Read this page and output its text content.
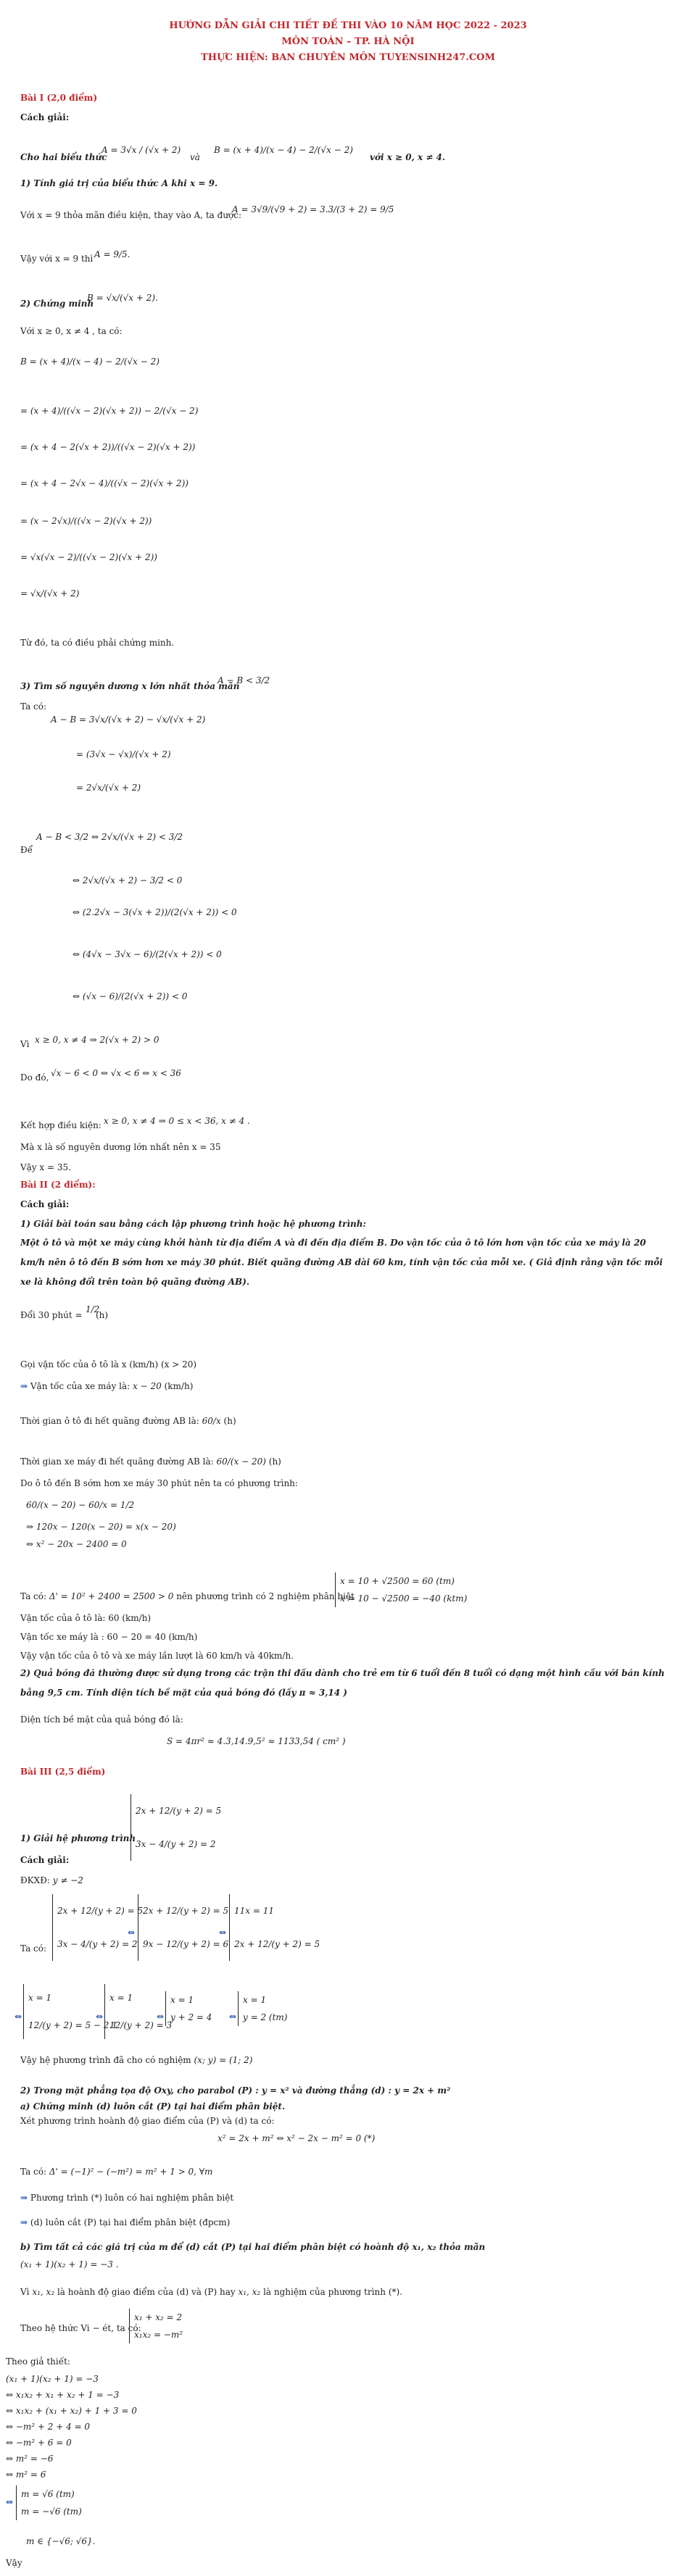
HƯỚNG DẪN GIẢI CHI TIẾT ĐỀ THI VÀO 10 NĂM HỌC 2022 - 2023
MÔN TOÁN – TP. HÀ NỘI
THỰC HIỆN: BAN CHUYÊN MÔN TUYENSINH247.COM
Bài I (2,0 điểm)
Cách giải:
Cho hai biểu thức
A = 3√x / (√x + 2)
và
B = (x + 4)/(x − 4) − 2/(√x − 2)
với x ≥ 0, x ≠ 4.
1) Tính giá trị của biểu thức A khi x = 9.
Với x = 9 thỏa mãn điều kiện, thay vào A, ta được:
A = 3√9/(√9 + 2) = 3.3/(3 + 2) = 9/5
Vậy với x = 9 thì A = 9/5.
2) Chứng minh
B = √x/(√x + 2).
Với x ≥ 0, x ≠ 4 , ta có:
B = (x + 4)/(x − 4) − 2/(√x − 2)
= (x + 4)/((√x − 2)(√x + 2)) − 2/(√x − 2)
= (x + 4 − 2(√x + 2))/((√x − 2)(√x + 2))
= (x + 4 − 2√x − 4)/((√x − 2)(√x + 2))
= (x − 2√x)/((√x − 2)(√x + 2))
= √x(√x − 2)/((√x − 2)(√x + 2))
= √x/(√x + 2)
Từ đó, ta có điều phải chứng minh.
3) Tìm số nguyên dương x lớn nhất thỏa mãn
A − B < 3/2
Ta có:
A − B = 3√x/(√x + 2) − √x/(√x + 2)
= (3√x − √x)/(√x + 2)
= 2√x/(√x + 2)
Để
A − B < 3/2 ⇔ 2√x/(√x + 2) < 3/2
⇔ 2√x/(√x + 2) − 3/2 < 0
⇔ (2.2√x − 3(√x + 2))/(2(√x + 2)) < 0
⇔ (4√x − 3√x − 6)/(2(√x + 2)) < 0
⇔ (√x − 6)/(2(√x + 2)) < 0
Vì x ≥ 0, x ≠ 4 ⇒ 2(√x + 2) > 0
Do đó, √x − 6 < 0 ⇔ √x < 6 ⇔ x < 36
Kết hợp điều kiện: x ≥ 0, x ≠ 4 ⇒ 0 ≤ x < 36, x ≠ 4 .
Mà x là số nguyên dương lớn nhất nên x = 35
Vậy x = 35.
Bài II (2 điểm):
Cách giải:
1) Giải bài toán sau bằng cách lập phương trình hoặc hệ phương trình:
Một ô tô và một xe máy cùng khởi hành từ địa điểm A và đi đến địa điểm B. Do vận tốc của ô tô lớn hơn vận tốc của xe máy là 20 km/h nên ô tô đến B sớm hơn xe máy 30 phút. Biết quãng đường AB dài 60 km, tính vận tốc của mỗi xe. ( Giả định rằng vận tốc mỗi xe là không đổi trên toàn bộ quãng đường AB).
Đổi 30 phút =
1/2
(h)
Gọi vận tốc của ô tô là x (km/h) (x > 20)
⇒ Vận tốc của xe máy là: x − 20 (km/h)
Thời gian ô tô đi hết quãng đường AB là: 60/x (h)
Thời gian xe máy đi hết quãng đường AB là: 60/(x − 20) (h)
Do ô tô đến B sớm hơn xe máy 30 phút nên ta có phương trình:
60/(x − 20) − 60/x = 1/2
⇒ 120x − 120(x − 20) = x(x − 20)
⇔ x² − 20x − 2400 = 0
Ta có: Δ' = 10² + 2400 = 2500 > 0 nên phương trình có 2 nghiệm phân biệt
x = 10 + √2500 = 60 (tm)
x = 10 − √2500 = −40 (ktm)
Vận tốc của ô tô là: 60 (km/h)
Vận tốc xe máy là : 60 − 20 = 40 (km/h)
Vậy vận tốc của ô tô và xe máy lần lượt là 60 km/h và 40km/h.
2) Quả bóng đá thường được sử dụng trong các trận thi đấu dành cho trẻ em từ 6 tuổi đến 8 tuổi có dạng một hình cầu với bán kính bằng 9,5 cm. Tính diện tích bề mặt của quả bóng đó (lấy π ≈ 3,14 )
Diện tích bề mặt của quả bóng đó là:
S = 4πr² ≈ 4.3,14.9,5² ≈ 1133,54 ( cm² )
Bài III (2,5 điểm)
1) Giải hệ phương trình
2x + 12/(y + 2) = 5
3x − 4/(y + 2) = 2
Cách giải:
ĐKXĐ: y ≠ −2
Ta có:
2x + 12/(y + 2) = 5
3x − 4/(y + 2) = 2
⇔
2x + 12/(y + 2) = 5
9x − 12/(y + 2) = 6
⇔
11x = 11
2x + 12/(y + 2) = 5
⇔
x = 1
12/(y + 2) = 5 − 2.1
⇔
x = 1
12/(y + 2) = 3
⇔
x = 1
y + 2 = 4 ⇔
x = 1
y = 2 (tm)
Vậy hệ phương trình đã cho có nghiệm (x; y) = (1; 2)
2) Trong mặt phẳng tọa độ Oxy, cho parabol (P) : y = x² và đường thẳng (d) : y = 2x + m²
a) Chứng minh (d) luôn cắt (P) tại hai điểm phân biệt.
Xét phương trình hoành độ giao điểm của (P) và (d) ta có:
x² = 2x + m² ⇔ x² − 2x − m² = 0 (*)
Ta có: Δ' = (−1)² − (−m²) = m² + 1 > 0, ∀m
⇒ Phương trình (*) luôn có hai nghiệm phân biệt
⇒ (d) luôn cắt (P) tại hai điểm phân biệt (đpcm)
b) Tìm tất cả các giá trị của m để (d) cắt (P) tại hai điểm phân biệt có hoành độ x₁, x₂ thỏa mãn
(x₁ + 1)(x₂ + 1) = −3 .
Vì x₁, x₂ là hoành độ giao điểm của (d) và (P) hay x₁, x₂ là nghiệm của phương trình (*).
Theo hệ thức Vi − ét, ta có:
x₁ + x₂ = 2
x₁x₂ = −m²
Theo giả thiết:
(x₁ + 1)(x₂ + 1) = −3
⇔ x₁x₂ + x₁ + x₂ + 1 = −3
⇔ x₁x₂ + (x₁ + x₂) + 1 + 3 = 0
⇔ −m² + 2 + 4 = 0
⇔ −m² + 6 = 0
⇔ m² = −6
⇔ m² = 6
⇔
m = √6 (tm)
m = −√6 (tm)
Vậy
m ∈ {−√6; √6}.
